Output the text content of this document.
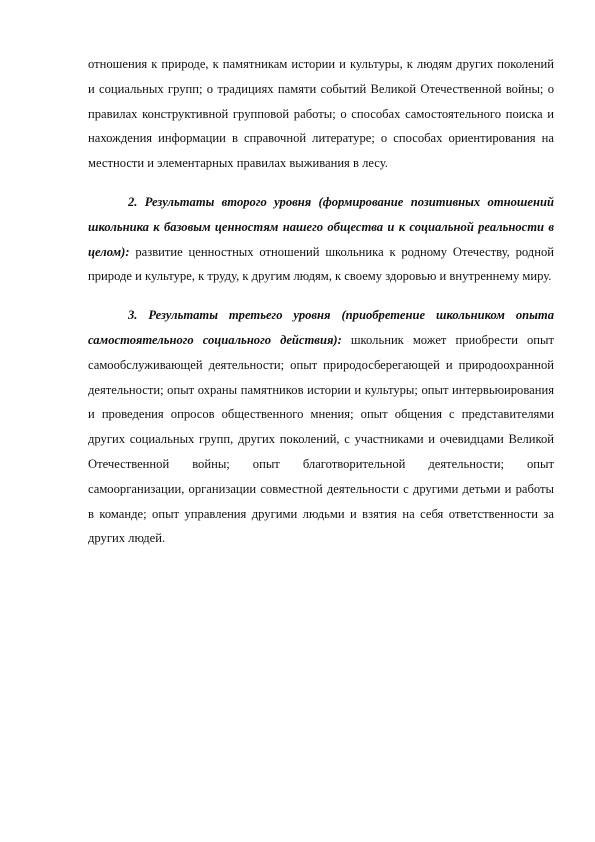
отношения к природе, к памятникам истории и культуры, к людям других поколений и социальных групп; о традициях памяти событий Великой Отечественной войны; о правилах конструктивной групповой работы; о способах самостоятельного поиска и нахождения информации в справочной литературе; о способах ориентирования на местности и элементарных правилах выживания в лесу.

2. Результаты второго уровня (формирование позитивных отношений школьника к базовым ценностям нашего общества и к социальной реальности в целом): развитие ценностных отношений школьника к родному Отечеству, родной природе и культуре, к труду, к другим людям, к своему здоровью и внутреннему миру.

3. Результаты третьего уровня (приобретение школьником опыта самостоятельного социального действия): школьник может приобрести опыт самообслуживающей деятельности; опыт природосберегающей и природоохранной деятельности; опыт охраны памятников истории и культуры; опыт интервьюирования и проведения опросов общественного мнения; опыт общения с представителями других социальных групп, других поколений, с участниками и очевидцами Великой Отечественной войны; опыт благотворительной деятельности; опыт самоорганизации, организации совместной деятельности с другими детьми и работы в команде; опыт управления другими людьми и взятия на себя ответственности за других людей.
